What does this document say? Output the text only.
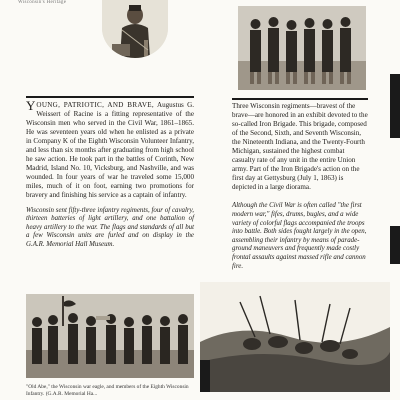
Wisconsin's Heritage

YOUNG, PATRIOTIC, AND BRAVE, Augustus G. Weissert of Racine is a fitting representative of the Wisconsin men who served in the Civil War, 1861–1865. He was seventeen years old when he enlisted as a private in Company K of the Eighth Wisconsin Volunteer Infantry, and less than six months after graduating from high school he saw action. He took part in the battles of Corinth, New Madrid, Island No. 10, Vicksburg, and Nashville, and was wounded. In four years of war he traveled some 15,000 miles, much of it on foot, earning two promotions for bravery and finishing his service as a captain of infantry.

Wisconsin sent fifty-three infantry regiments, four of cavalry, thirteen batteries of light artillery, and one battalion of heavy artillery to the war. The flags and standards of all but a few Wisconsin units are furled and on display in the G.A.R. Memorial Hall Museum.

Three Wisconsin regiments—bravest of the brave—are honored in an exhibit devoted to the so-called Iron Brigade. This brigade, composed of the Second, Sixth, and Seventh Wisconsin, the Nineteenth Indiana, and the Twenty-Fourth Michigan, sustained the highest combat casualty rate of any unit in the entire Union army. Part of the Iron Brigade's action on the first day at Gettysburg (July 1, 1863) is depicted in a large diorama.

Although the Civil War is often called "the first modern war," fifes, drums, bugles, and a wide variety of colorful flags accompanied the troops into battle. Both sides fought largely in the open, assembling their infantry by means of parade-ground maneuvers and frequently made costly frontal assaults against massed rifle and cannon fire.

"Old Abe," the Wisconsin war eagle, and members of the Eighth Wisconsin Infantry. (G.A.R. Memorial Ha...
